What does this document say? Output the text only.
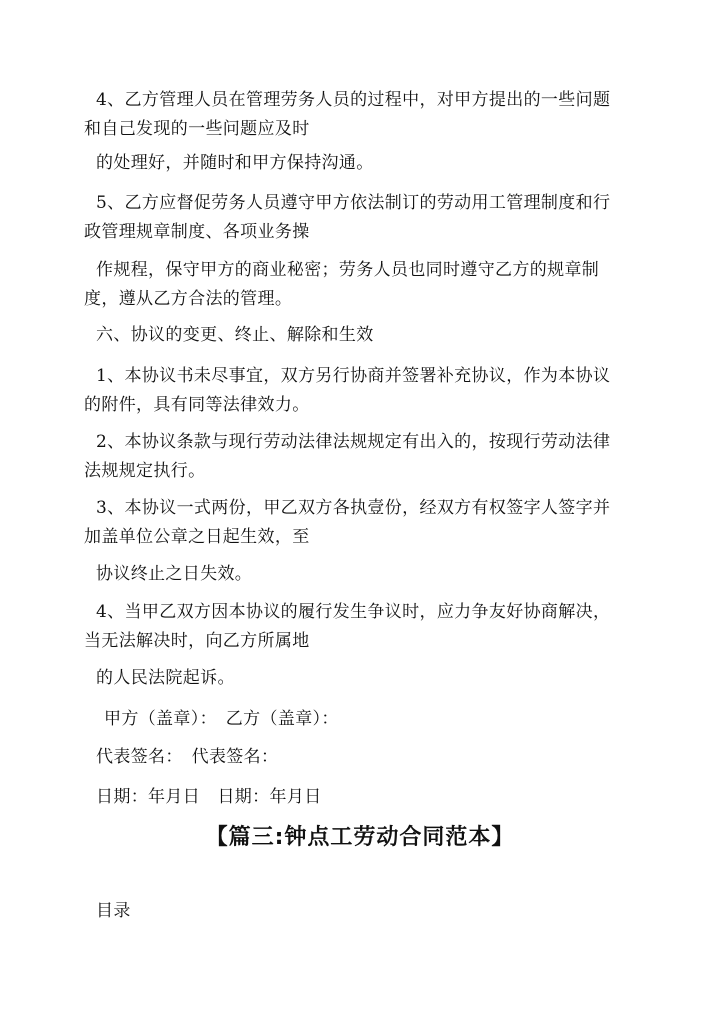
4、乙方管理人员在管理劳务人员的过程中，对甲方提出的一些问题
和自己发现的一些问题应及时

的处理好，并随时和甲方保持沟通。

5、乙方应督促劳务人员遵守甲方依法制订的劳动用工管理制度和行
政管理规章制度、各项业务操

作规程，保守甲方的商业秘密；劳务人员也同时遵守乙方的规章制
度，遵从乙方合法的管理。

六、协议的变更、终止、解除和生效

1、本协议书未尽事宜，双方另行协商并签署补充协议，作为本协议
的附件，具有同等法律效力。

2、本协议条款与现行劳动法律法规规定有出入的，按现行劳动法律
法规规定执行。

3、本协议一式两份，甲乙双方各执壹份，经双方有权签字人签字并
加盖单位公章之日起生效，至

协议终止之日失效。

4、当甲乙双方因本协议的履行发生争议时，应力争友好协商解决，
当无法解决时，向乙方所属地

的人民法院起诉。

甲方（盖章）：　乙方（盖章）：

代表签名：　代表签名：

日期：年月日　日期：年月日

【篇三:钟点工劳动合同范本】

目录
